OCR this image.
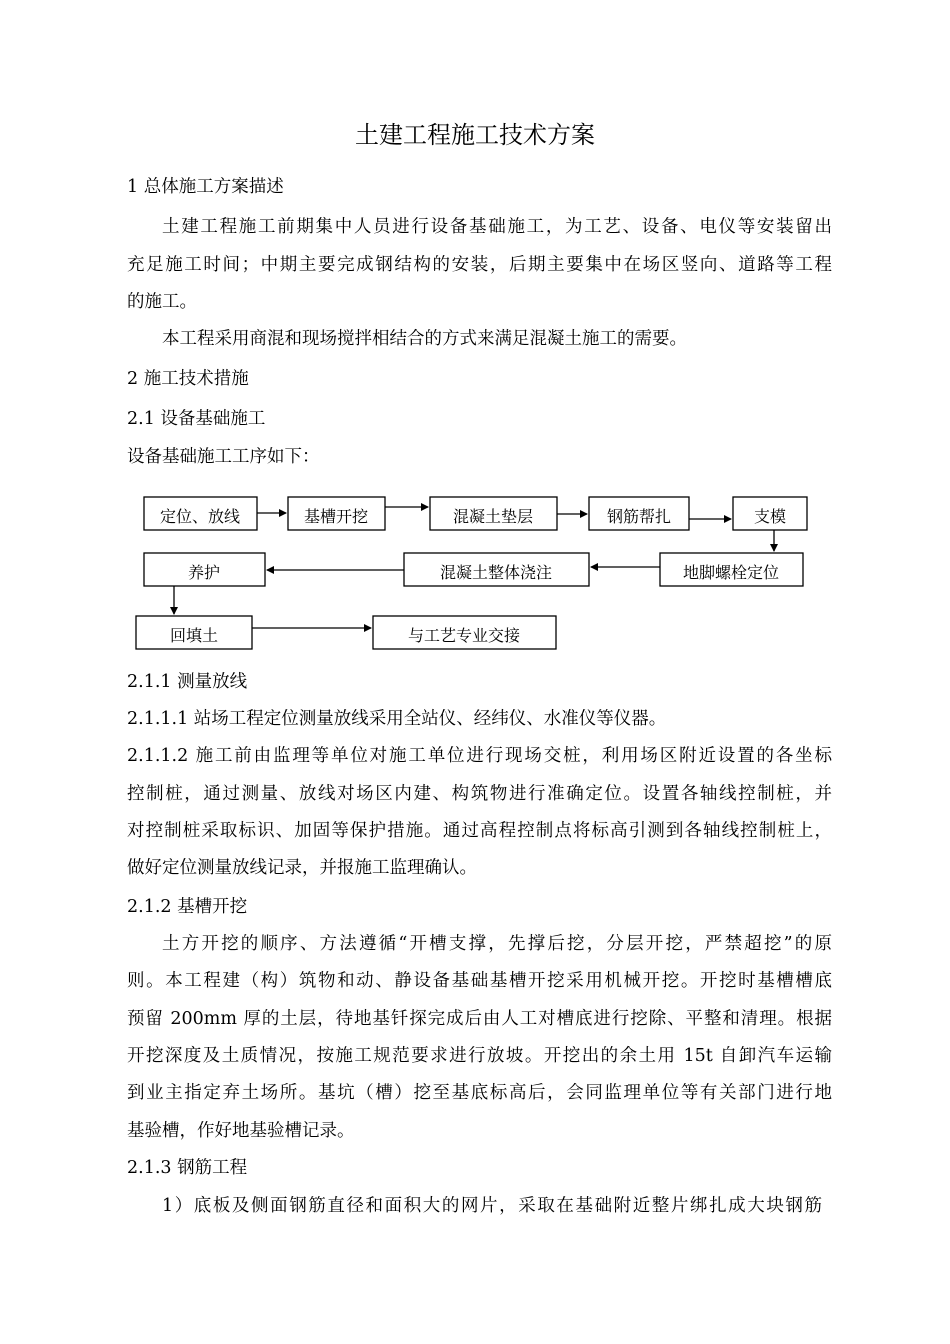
土建工程施工技术方案
1 总体施工方案描述
土建工程施工前期集中人员进行设备基础施工，为工艺、设备、电仪等安装留出
充足施工时间；中期主要完成钢结构的安装，后期主要集中在场区竖向、道路等工程
的施工。
本工程采用商混和现场搅拌相结合的方式来满足混凝土施工的需要。
2 施工技术措施
2.1 设备基础施工
设备基础施工工序如下：
定位、放线	基槽开挖	混凝土垫层	钢筋帮扎	支模
地脚螺栓定位
混凝土整体浇注
养护
回填土	与工艺专业交接
2.1.1 测量放线
2.1.1.1 站场工程定位测量放线采用全站仪、经纬仪、水准仪等仪器。
2.1.1.2 施工前由监理等单位对施工单位进行现场交桩，利用场区附近设置的各坐标
控制桩，通过测量、放线对场区内建、构筑物进行准确定位。设置各轴线控制桩，并
对控制桩采取标识、加固等保护措施。通过高程控制点将标高引测到各轴线控制桩上，
做好定位测量放线记录，并报施工监理确认。
2.1.2 基槽开挖
土方开挖的顺序、方法遵循“开槽支撑，先撑后挖，分层开挖，严禁超挖”的原
则。本工程建（构）筑物和动、静设备基础基槽开挖采用机械开挖。开挖时基槽槽底
预留 200mm 厚的土层，待地基钎探完成后由人工对槽底进行挖除、平整和清理。根据
开挖深度及土质情况，按施工规范要求进行放坡。开挖出的余土用 15t 自卸汽车运输
到业主指定弃土场所。基坑（槽）挖至基底标高后，会同监理单位等有关部门进行地
基验槽，作好地基验槽记录。
2.1.3 钢筋工程
1）底板及侧面钢筋直径和面积大的网片，采取在基础附近整片绑扎成大块钢筋
